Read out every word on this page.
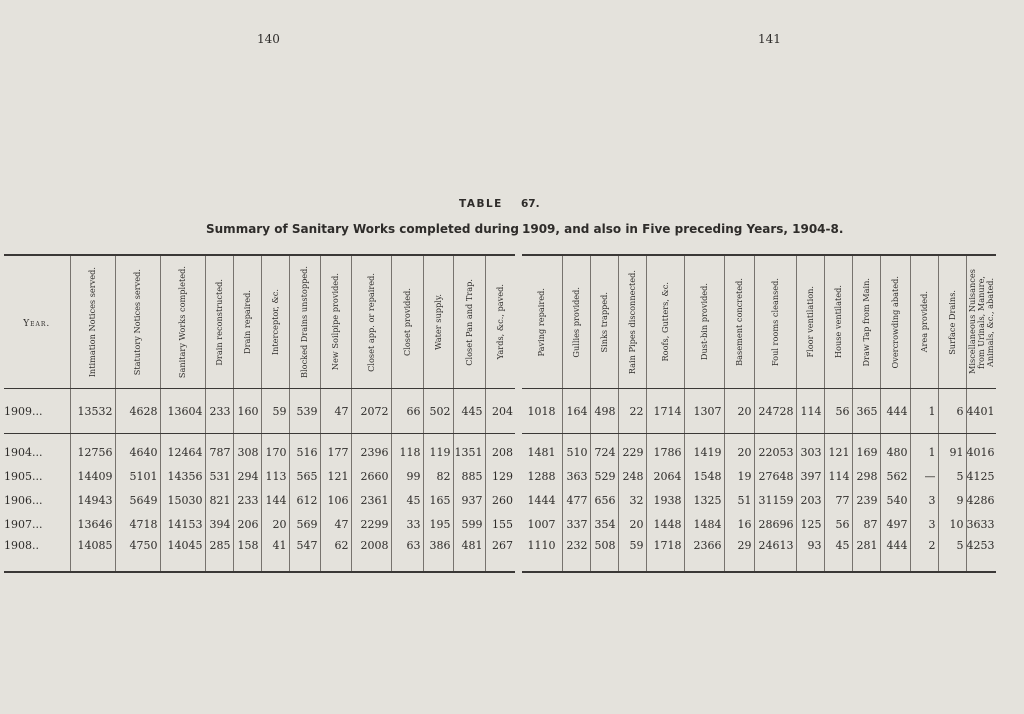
140	141
TABLE 67.
Summary of Sanitary Works completed during 1909, and also in Five preceding Years, 1904-8.
Year.	Intimation Notices served.	Statutory Notices served.	Sanitary Works completed.	Drain reconstructed.	Drain repaired.	Interceptor, &c.	Blocked Drains unstopped.	New Soilpipe provided.	Closet app. or repaired.	Closet provided.	Water supply.	Closet Pan and Trap.	Yards, &c., paved.

1909...	13532	4628	13604	233	160	59	539	47	2072	66	502	445	204

1904...	12756	4640	12464	787	308	170	516	177	2396	118	119	1351	208
1905...	14409	5101	14356	531	294	113	565	121	2660	99	82	885	129
1906...	14943	5649	15030	821	233	144	612	106	2361	45	165	937	260
1907...	13646	4718	14153	394	206	20	569	47	2299	33	195	599	155
1908..	14085	4750	14045	285	158	41	547	62	2008	63	386	481	267
Paving repaired.	Gullies provided.	Sinks trapped.	Rain Pipes disconnected.	Roofs, Gutters, &c.	Dust-bin provided.	Basement concreted.	Foul rooms cleansed.	Floor ventilation.	House ventilated.	Draw Tap from Main.	Overcrowding abated.	Area provided.	Surface Drains.	Miscellaneous Nuisances from Urinals, Manure, Animals, &c., abated.

1018	164	498	22	1714	1307	20	24728	114	56	365	444	1	6	4401

1481	510	724	229	1786	1419	20	22053	303	121	169	480	1	91	4016
1288	363	529	248	2064	1548	19	27648	397	114	298	562	—	5	4125
1444	477	656	32	1938	1325	51	31159	203	77	239	540	3	9	4286
1007	337	354	20	1448	1484	16	28696	125	56	87	497	3	10	3633
1110	232	508	59	1718	2366	29	24613	93	45	281	444	2	5	4253
